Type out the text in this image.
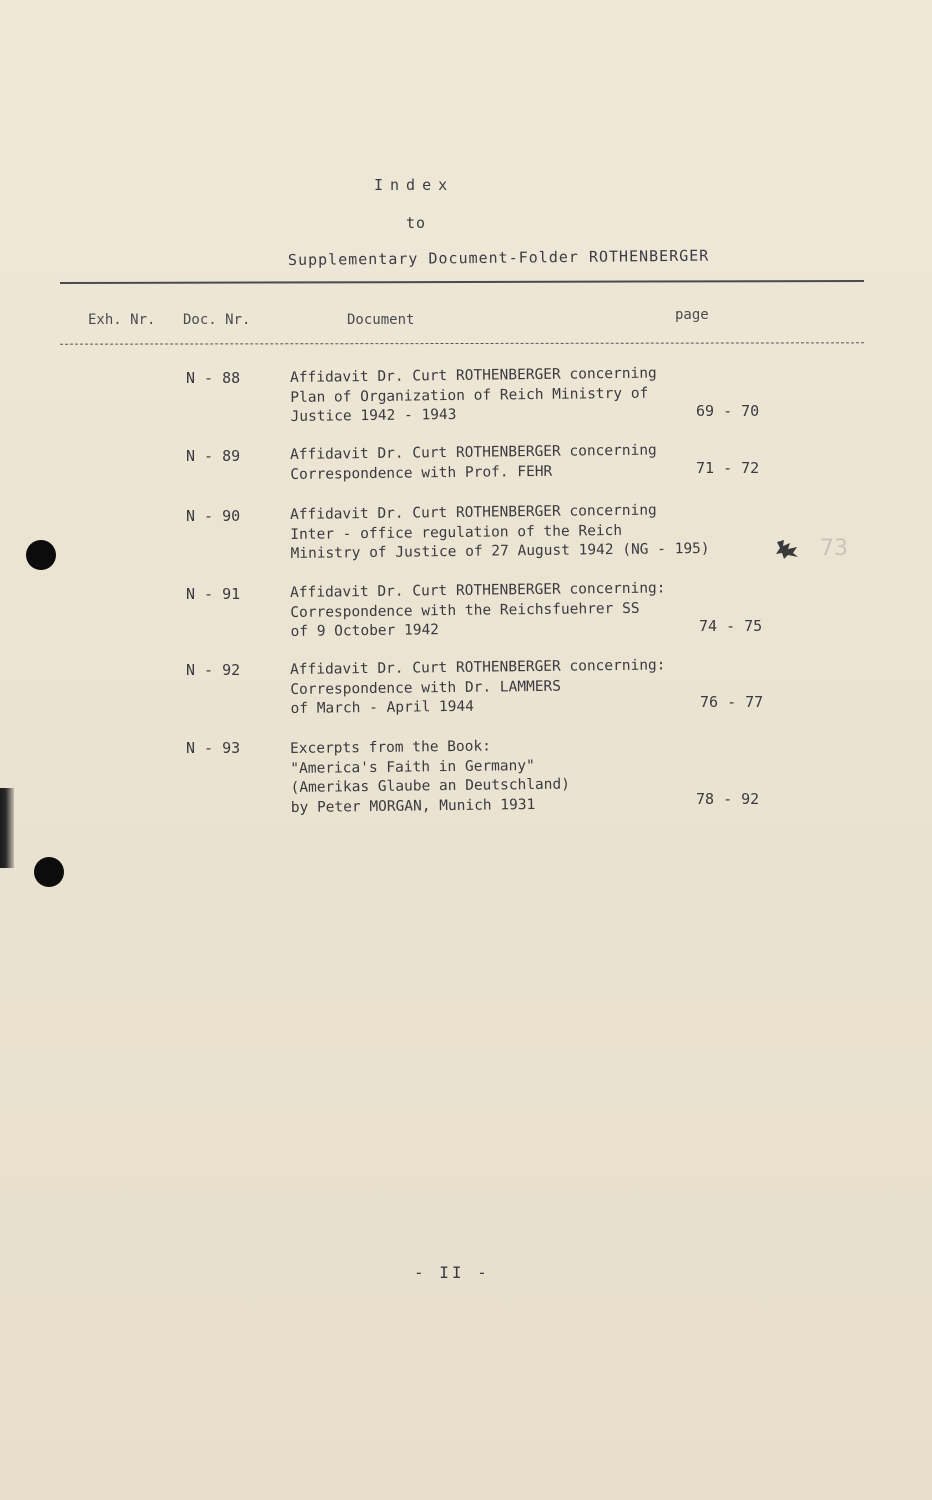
Index
to
Supplementary Document-Folder ROTHENBERGER
Exh. Nr. Doc. Nr.	Document	page
N - 88	Affidavit Dr. Curt ROTHENBERGER concerning
Plan of Organization of Reich Ministry of
Justice 1942 - 1943	69 - 70
N - 89	Affidavit Dr. Curt ROTHENBERGER concerning
Correspondence with Prof. FEHR	71 - 72
N - 90	Affidavit Dr. Curt ROTHENBERGER concerning
Inter - office regulation of the Reich
Ministry of Justice of 27 August 1942 (NG - 195)	73
N - 91	Affidavit Dr. Curt ROTHENBERGER concerning:
Correspondence with the Reichsfuehrer SS
of 9 October 1942	74 - 75
N - 92	Affidavit Dr. Curt ROTHENBERGER concerning:
Correspondence with Dr. LAMMERS
of March - April 1944	76 - 77
N - 93	Excerpts from the Book:
"America's Faith in Germany"
(Amerikas Glaube an Deutschland)
by Peter MORGAN, Munich 1931	78 - 92
- II -
